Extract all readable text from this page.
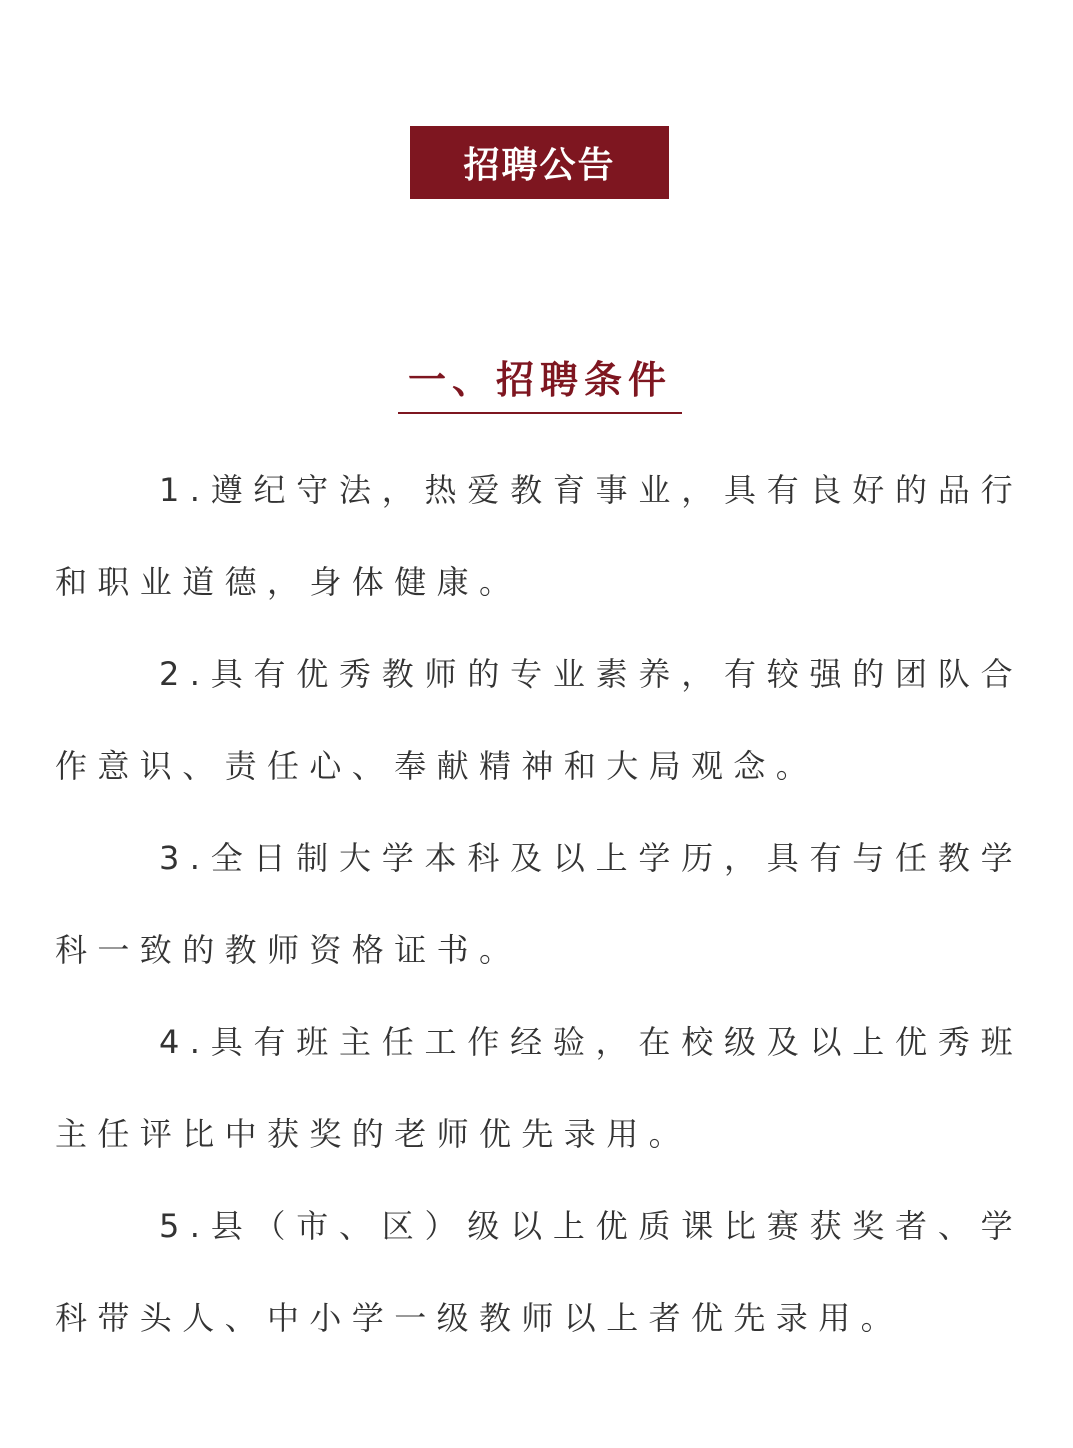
招聘公告
一、招聘条件

1.遵纪守法，热爱教育事业，具有良好的品行和职业道德，身体健康。

2.具有优秀教师的专业素养，有较强的团队合作意识、责任心、奉献精神和大局观念。

3.全日制大学本科及以上学历，具有与任教学科一致的教师资格证书。

4.具有班主任工作经验，在校级及以上优秀班主任评比中获奖的老师优先录用。

5.县（市、区）级以上优质课比赛获奖者、学科带头人、中小学一级教师以上者优先录用。
